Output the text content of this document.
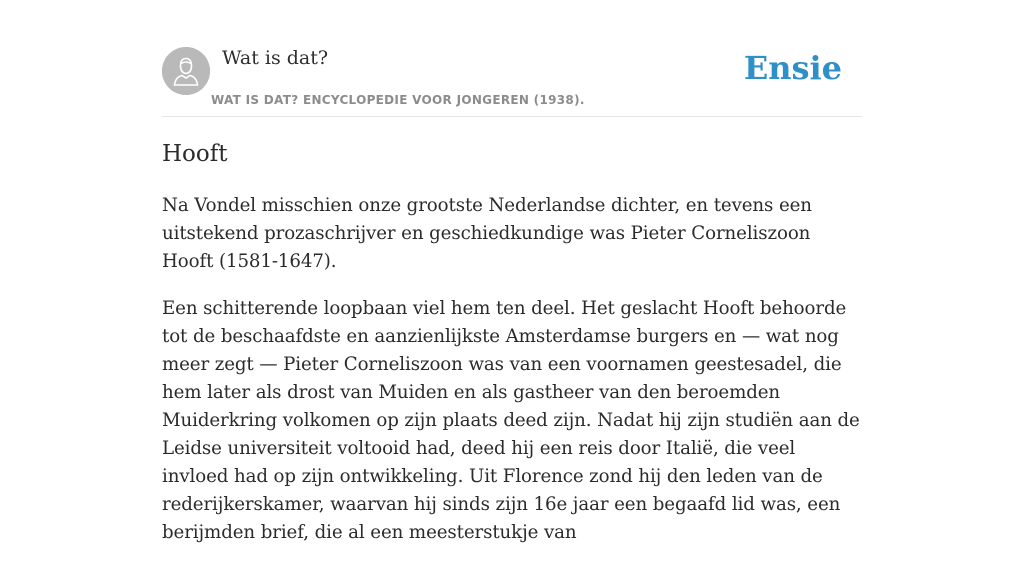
Wat is dat?
WAT IS DAT? ENCYCLOPEDIE VOOR JONGEREN (1938).
Ensie
Hooft

Na Vondel misschien onze grootste Nederlandse dichter, en tevens een uitstekend prozaschrijver en geschiedkundige was Pieter Corneliszoon Hooft (1581-1647).

Een schitterende loopbaan viel hem ten deel. Het geslacht Hooft behoorde tot de beschaafdste en aanzienlijkste Amsterdamse burgers en — wat nog meer zegt — Pieter Corneliszoon was van een voornamen geestesadel, die hem later als drost van Muiden en als gastheer van den beroemden Muiderkring volkomen op zijn plaats deed zijn. Nadat hij zijn studiën aan de Leidse universiteit voltooid had, deed hij een reis door Italië, die veel invloed had op zijn ontwikkeling. Uit Florence zond hij den leden van de rederijkerskamer, waarvan hij sinds zijn 16e jaar een begaafd lid was, een berijmden brief, die al een meesterstukje van
